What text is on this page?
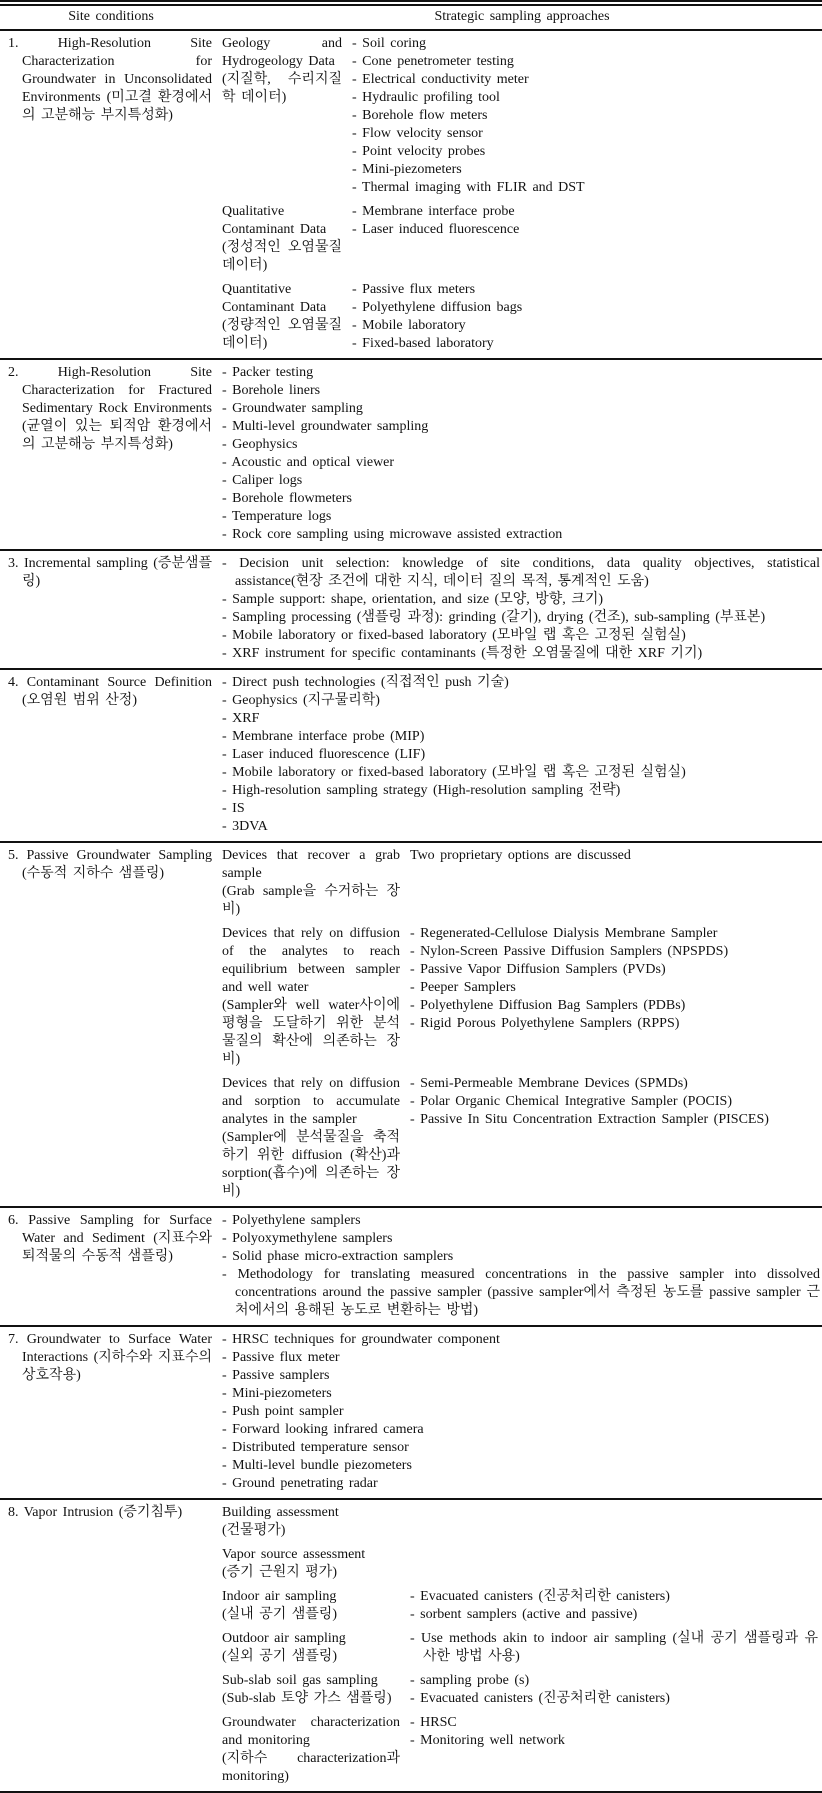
Site conditions	Strategic sampling approaches
1. High-Resolution Site Characterization for Groundwater in Unconsolidated Environments (미고결 환경에서의 고분해능 부지특성화)
Geology and Hydrogeology Data
(지질학, 수리지질학 데이터)
- Soil coring
- Cone penetrometer testing
- Electrical conductivity meter
- Hydraulic profiling tool
- Borehole flow meters
- Flow velocity sensor
- Point velocity probes
- Mini-piezometers
- Thermal imaging with FLIR and DST
Qualitative Contaminant Data
(정성적인 오염물질 데이터)
- Membrane interface probe
- Laser induced fluorescence
Quantitative Contaminant Data
(정량적인 오염물질 데이터)
- Passive flux meters
- Polyethylene diffusion bags
- Mobile laboratory
- Fixed-based laboratory
2. High-Resolution Site Characterization for Fractured Sedimentary Rock Environments (균열이 있는 퇴적암 환경에서의 고분해능 부지특성화)
- Packer testing
- Borehole liners
- Groundwater sampling
- Multi-level groundwater sampling
- Geophysics
- Acoustic and optical viewer
- Caliper logs
- Borehole flowmeters
- Temperature logs
- Rock core sampling using microwave assisted extraction
3. Incremental sampling (증분샘플링)
- Decision unit selection: knowledge of site conditions, data quality objectives, statistical assistance(현장 조건에 대한 지식, 데이터 질의 목적, 통계적인 도움)
- Sample support: shape, orientation, and size (모양, 방향, 크기)
- Sampling processing (샘플링 과정): grinding (갈기), drying (건조), sub-sampling (부표본)
- Mobile laboratory or fixed-based laboratory (모바일 랩 혹은 고정된 실험실)
- XRF instrument for specific contaminants (특정한 오염물질에 대한 XRF 기기)
4. Contaminant Source Definition (오염원 범위 산정)
- Direct push technologies (직접적인 push 기술)
- Geophysics (지구물리학)
- XRF
- Membrane interface probe (MIP)
- Laser induced fluorescence (LIF)
- Mobile laboratory or fixed-based laboratory (모바일 랩 혹은 고정된 실험실)
- High-resolution sampling strategy (High-resolution sampling 전략)
- IS
- 3DVA
5. Passive Groundwater Sampling (수동적 지하수 샘플링)
Devices that recover a grab sample
(Grab sample을 수거하는 장비)
Two proprietary options are discussed
Devices that rely on diffusion of the analytes to reach equilibrium between sampler and well water
(Sampler와 well water사이에 평형을 도달하기 위한 분석물질의 확산에 의존하는 장비)
- Regenerated-Cellulose Dialysis Membrane Sampler
- Nylon-Screen Passive Diffusion Samplers (NPSPDS)
- Passive Vapor Diffusion Samplers (PVDs)
- Peeper Samplers
- Polyethylene Diffusion Bag Samplers (PDBs)
- Rigid Porous Polyethylene Samplers (RPPS)
Devices that rely on diffusion and sorption to accumulate analytes in the sampler
(Sampler에 분석물질을 축적하기 위한 diffusion (확산)과 sorption(흡수)에 의존하는 장비)
- Semi-Permeable Membrane Devices (SPMDs)
- Polar Organic Chemical Integrative Sampler (POCIS)
- Passive In Situ Concentration Extraction Sampler (PISCES)
6. Passive Sampling for Surface Water and Sediment (지표수와 퇴적물의 수동적 샘플링)
- Polyethylene samplers
- Polyoxymethylene samplers
- Solid phase micro-extraction samplers
- Methodology for translating measured concentrations in the passive sampler into dissolved concentrations around the passive sampler (passive sampler에서 측정된 농도를 passive sampler 근처에서의 용해된 농도로 변환하는 방법)
7. Groundwater to Surface Water Interactions (지하수와 지표수의 상호작용)
- HRSC techniques for groundwater component
- Passive flux meter
- Passive samplers
- Mini-piezometers
- Push point sampler
- Forward looking infrared camera
- Distributed temperature sensor
- Multi-level bundle piezometers
- Ground penetrating radar
8. Vapor Intrusion (증기침투)	Building assessment
(건물평가)
Vapor source assessment
(증기 근원지 평가)
Indoor air sampling
(실내 공기 샘플링)
- Evacuated canisters (진공처리한 canisters)
- sorbent samplers (active and passive)
Outdoor air sampling
(실외 공기 샘플링)
- Use methods akin to indoor air sampling (실내 공기 샘플링과 유사한 방법 사용)
Sub-slab soil gas sampling
(Sub-slab 토양 가스 샘플링)
- sampling probe (s)
- Evacuated canisters (진공처리한 canisters)
Groundwater characterization and monitoring
(지하수 characterization과 monitoring)
- HRSC
- Monitoring well network
